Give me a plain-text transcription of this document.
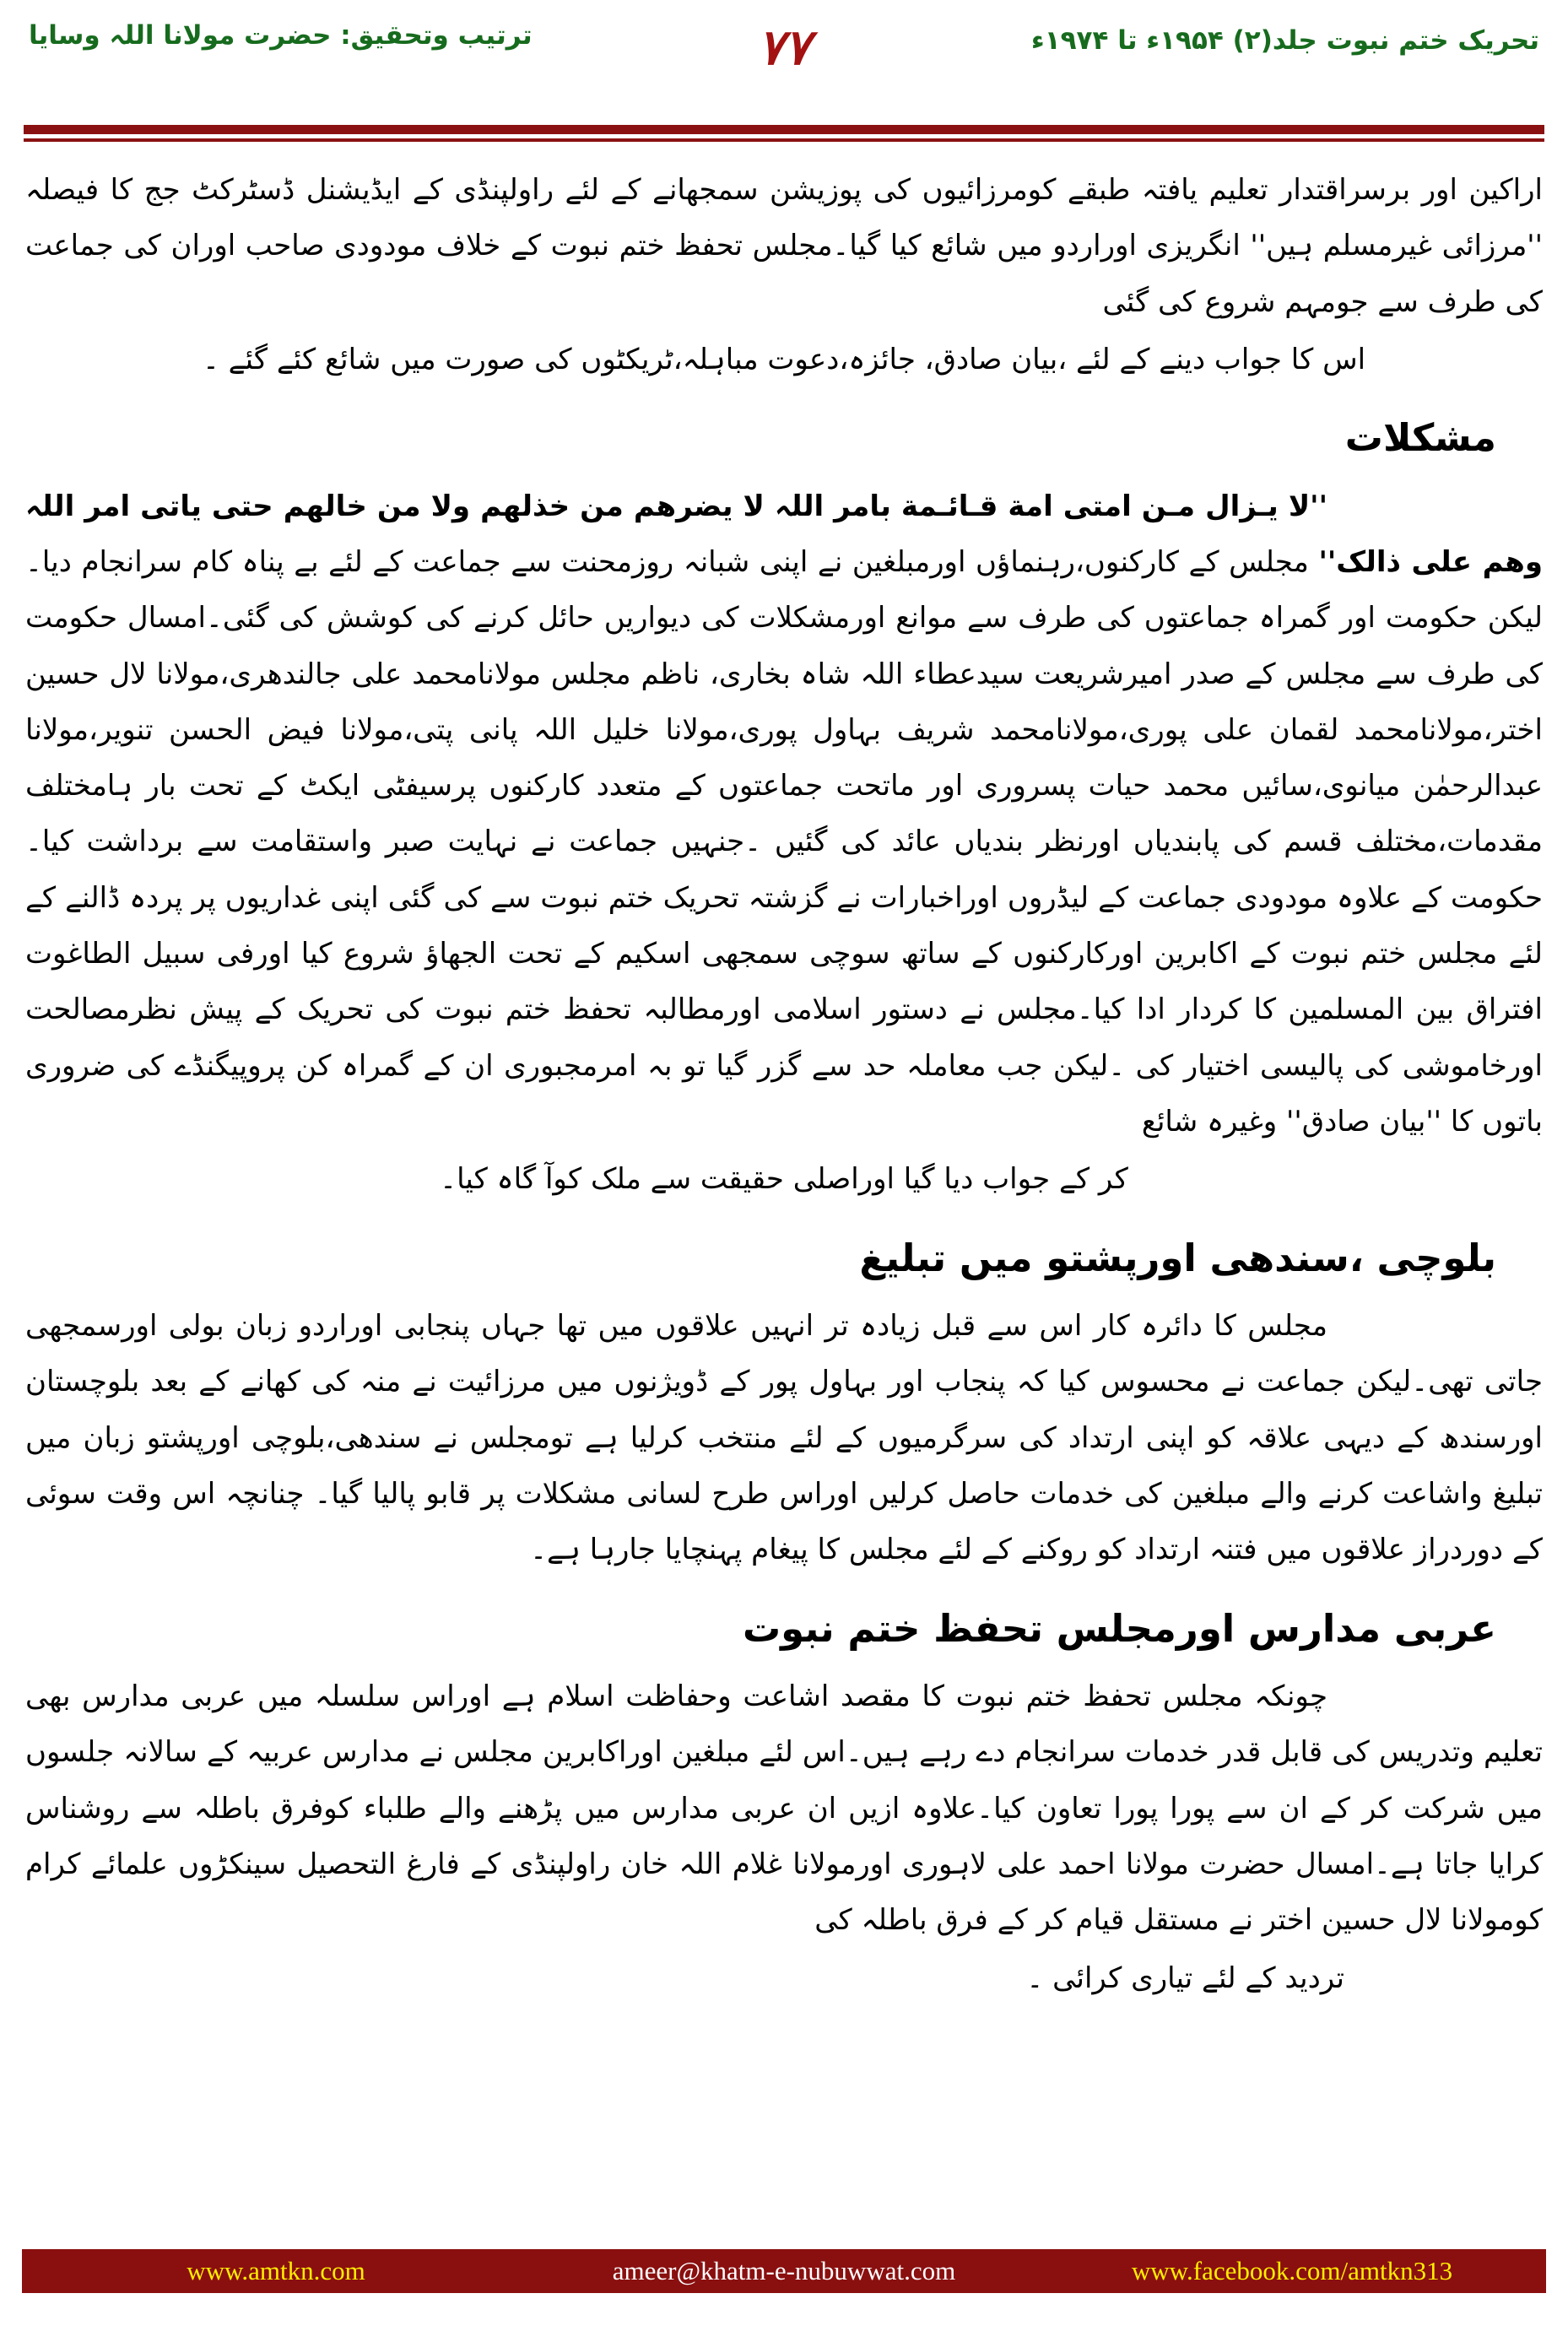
تحریک ختم نبوت جلد(۲) ۱۹۵۴ء تا ۱۹۷۴ء
۷۷
ترتیب وتحقیق: حضرت مولانا اللہ وسایا

اراکین اور برسراقتدار تعلیم یافتہ طبقے کومرزائیوں کی پوزیشن سمجھانے کے لئے راولپنڈی کے ایڈیشنل ڈسٹرکٹ جج کا فیصلہ ''مرزائی غیرمسلم ہیں'' انگریزی اوراردو میں شائع کیا گیا۔مجلس تحفظ ختم نبوت کے خلاف مودودی صاحب اوران کی جماعت کی طرف سے جومہم شروع کی گئی

اس کا جواب دینے کے لئے ،بیان صادق، جائزہ،دعوت مباہلہ،ٹریکٹوں کی صورت میں شائع کئے گئے ۔
مشکلات

''لا یـزال مـن امتی امة قـائـمة بامر اللہ لا یضرھم من خذلھم ولا من خالھم حتی یاتی امر اللہ وھم علی ذالک'' مجلس کے کارکنوں،رہنماؤں اورمبلغین نے اپنی شبانہ روزمحنت سے جماعت کے لئے بے پناہ کام سرانجام دیا۔لیکن حکومت اور گمراہ جماعتوں کی طرف سے موانع اورمشکلات کی دیواریں حائل کرنے کی کوشش کی گئی۔امسال حکومت کی طرف سے مجلس کے صدر امیرشریعت سیدعطاء اللہ شاہ بخاری، ناظم مجلس مولانامحمد علی جالندھری،مولانا لال حسین اختر،مولانامحمد لقمان علی پوری،مولانامحمد شریف بہاول پوری،مولانا خلیل اللہ پانی پتی،مولانا فیض الحسن تنویر،مولانا عبدالرحمٰن میانوی،سائیں محمد حیات پسروری اور ماتحت جماعتوں کے متعدد کارکنوں پرسیفٹی ایکٹ کے تحت بار ہامختلف مقدمات،مختلف قسم کی پابندیاں اورنظر بندیاں عائد کی گئیں ۔جنہیں جماعت نے نہایت صبر واستقامت سے برداشت کیا۔حکومت کے علاوہ مودودی جماعت کے لیڈروں اوراخبارات نے گزشتہ تحریک ختم نبوت سے کی گئی اپنی غداریوں پر پردہ ڈالنے کے لئے مجلس ختم نبوت کے اکابرین اورکارکنوں کے ساتھ سوچی سمجھی اسکیم کے تحت الجھاؤ شروع کیا اورفی سبیل الطاغوت افتراق بین المسلمین کا کردار ادا کیا۔مجلس نے دستور اسلامی اورمطالبہ تحفظ ختم نبوت کی تحریک کے پیش نظرمصالحت اورخاموشی کی پالیسی اختیار کی ۔لیکن جب معاملہ حد سے گزر گیا تو بہ امرمجبوری ان کے گمراہ کن پروپیگنڈے کی ضروری باتوں کا ''بیان صادق'' وغیرہ شائع

کر کے جواب دیا گیا اوراصلی حقیقت سے ملک کوآ گاہ کیا۔
بلوچی ،سندھی اورپشتو میں تبلیغ

مجلس کا دائرہ کار اس سے قبل زیادہ تر انہیں علاقوں میں تھا جہاں پنجابی اوراردو زبان بولی اورسمجھی جاتی تھی۔لیکن جماعت نے محسوس کیا کہ پنجاب اور بہاول پور کے ڈویژنوں میں مرزائیت نے منہ کی کھانے کے بعد بلوچستان اورسندھ کے دیہی علاقہ کو اپنی ارتداد کی سرگرمیوں کے لئے منتخب کرلیا ہے تومجلس نے سندھی،بلوچی اورپشتو زبان میں تبلیغ واشاعت کرنے والے مبلغین کی خدمات حاصل کرلیں اوراس طرح لسانی مشکلات پر قابو پالیا گیا۔ چنانچہ اس وقت سوئی کے دوردراز علاقوں میں فتنہ ارتداد کو روکنے کے لئے مجلس کا پیغام پہنچایا جارہا ہے۔

عربی مدارس اورمجلس تحفظ ختم نبوت

چونکہ مجلس تحفظ ختم نبوت کا مقصد اشاعت وحفاظت اسلام ہے اوراس سلسلہ میں عربی مدارس بھی تعلیم وتدریس کی قابل قدر خدمات سرانجام دے رہے ہیں۔اس لئے مبلغین اوراکابرین مجلس نے مدارس عربیہ کے سالانہ جلسوں میں شرکت کر کے ان سے پورا پورا تعاون کیا۔علاوہ ازیں ان عربی مدارس میں پڑھنے والے طلباء کوفرق باطلہ سے روشناس کرایا جاتا ہے۔امسال حضرت مولانا احمد علی لاہوری اورمولانا غلام اللہ خان راولپنڈی کے فارغ التحصیل سینکڑوں علمائے کرام کومولانا لال حسین اختر نے مستقل قیام کر کے فرق باطلہ کی

تردید کے لئے تیاری کرائی ۔
www.amtkn.com	ameer@khatm-e-nubuwwat.com	www.facebook.com/amtkn313
